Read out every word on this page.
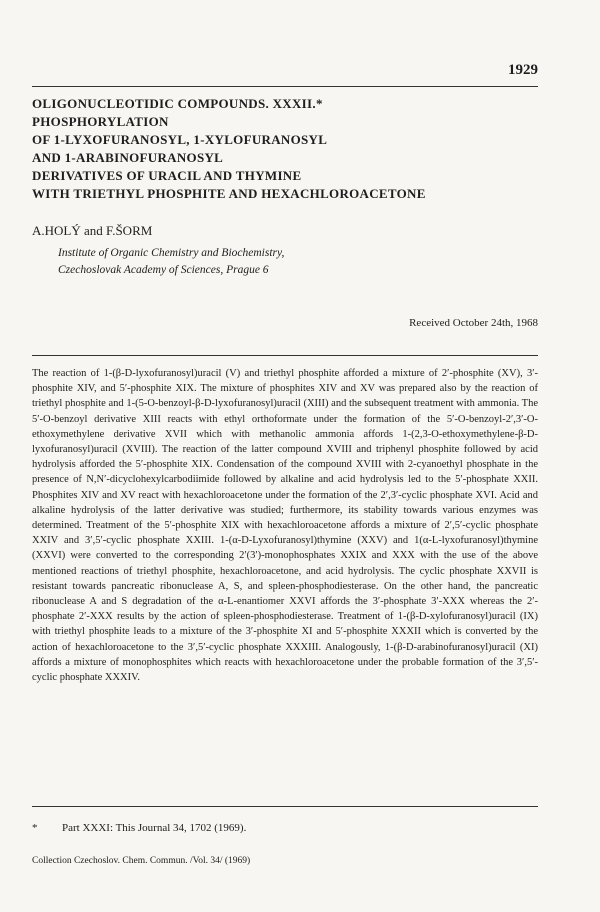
1929
OLIGONUCLEOTIDIC COMPOUNDS. XXXII.*
PHOSPHORYLATION
OF 1-LYXOFURANOSYL, 1-XYLOFURANOSYL
AND 1-ARABINOFURANOSYL
DERIVATIVES OF URACIL AND THYMINE
WITH TRIETHYL PHOSPHITE AND HEXACHLOROACETONE
A.HOLÝ and F.ŠORM
Institute of Organic Chemistry and Biochemistry,
Czechoslovak Academy of Sciences, Prague 6
Received October 24th, 1968
The reaction of 1-(β-D-lyxofuranosyl)uracil (V) and triethyl phosphite afforded a mixture of 2′-phosphite (XV), 3′-phosphite XIV, and 5′-phosphite XIX. The mixture of phosphites XIV and XV was prepared also by the reaction of triethyl phosphite and 1-(5-O-benzoyl-β-D-lyxofuranosyl)uracil (XIII) and the subsequent treatment with ammonia. The 5′-O-benzoyl derivative XIII reacts with ethyl orthoformate under the formation of the 5′-O-benzoyl-2′,3′-O-ethoxymethylene derivative XVII which with methanolic ammonia affords 1-(2,3-O-ethoxymethylene-β-D-lyxofuranosyl)uracil (XVIII). The reaction of the latter compound XVIII and triphenyl phosphite followed by acid hydrolysis afforded the 5′-phosphite XIX. Condensation of the compound XVIII with 2-cyanoethyl phosphate in the presence of N,N′-dicyclohexylcarbodiimide followed by alkaline and acid hydrolysis led to the 5′-phosphate XXII. Phosphites XIV and XV react with hexachloroacetone under the formation of the 2′,3′-cyclic phosphate XVI. Acid and alkaline hydrolysis of the latter derivative was studied; furthermore, its stability towards various enzymes was determined. Treatment of the 5′-phosphite XIX with hexachloroacetone affords a mixture of 2′,5′-cyclic phosphate XXIV and 3′,5′-cyclic phosphate XXIII. 1-(α-D-Lyxofuranosyl)thymine (XXV) and 1(α-L-lyxofuranosyl)thymine (XXVI) were converted to the corresponding 2′(3′)-monophosphates XXIX and XXX with the use of the above mentioned reactions of triethyl phosphite, hexachloroacetone, and acid hydrolysis. The cyclic phosphate XXVII is resistant towards pancreatic ribonuclease A, S, and spleen-phosphodiesterase. On the other hand, the pancreatic ribonuclease A and S degradation of the α-L-enantiomer XXVI affords the 3′-phosphate 3′-XXX whereas the 2′-phosphate 2′-XXX results by the action of spleen-phosphodiesterase. Treatment of 1-(β-D-xylofuranosyl)uracil (IX) with triethyl phosphite leads to a mixture of the 3′-phosphite XI and 5′-phosphite XXXII which is converted by the action of hexachloroacetone to the 3′,5′-cyclic phosphate XXXIII. Analogously, 1-(β-D-arabinofuranosyl)uracil (XI) affords a mixture of monophosphites which reacts with hexachloroacetone under the probable formation of the 3′,5′-cyclic phosphate XXXIV.
* Part XXXI: This Journal 34, 1702 (1969).
Collection Czechoslov. Chem. Commun. /Vol. 34/ (1969)
